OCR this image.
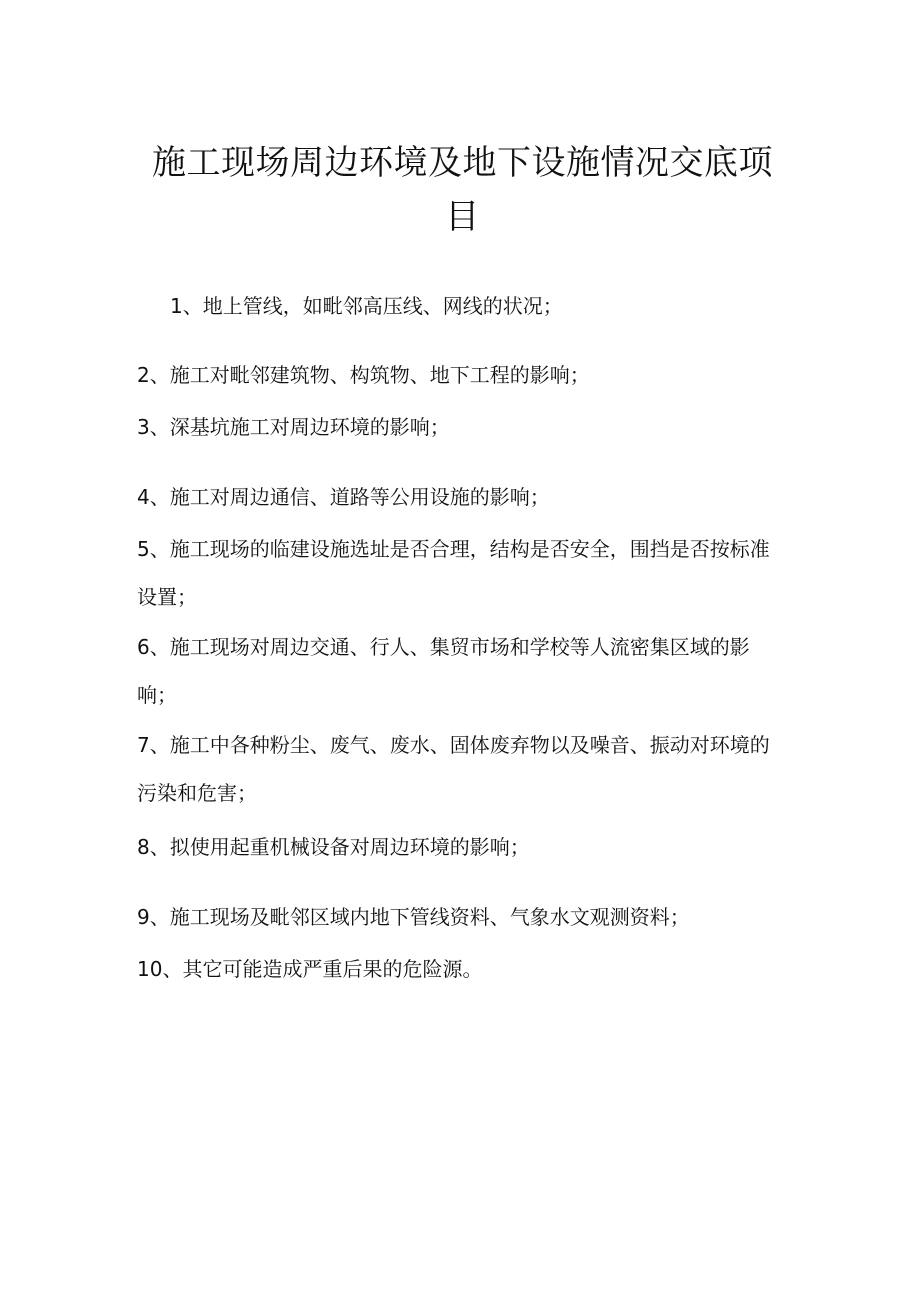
施工现场周边环境及地下设施情况交底项目

1、地上管线，如毗邻高压线、网线的状况；

2、施工对毗邻建筑物、构筑物、地下工程的影响；

3、深基坑施工对周边环境的影响；

4、施工对周边通信、道路等公用设施的影响；

5、施工现场的临建设施选址是否合理，结构是否安全，围挡是否按标准设置；

6、施工现场对周边交通、行人、集贸市场和学校等人流密集区域的影响；

7、施工中各种粉尘、废气、废水、固体废弃物以及噪音、振动对环境的污染和危害；

8、拟使用起重机械设备对周边环境的影响；

9、施工现场及毗邻区域内地下管线资料、气象水文观测资料；

10、其它可能造成严重后果的危险源。
